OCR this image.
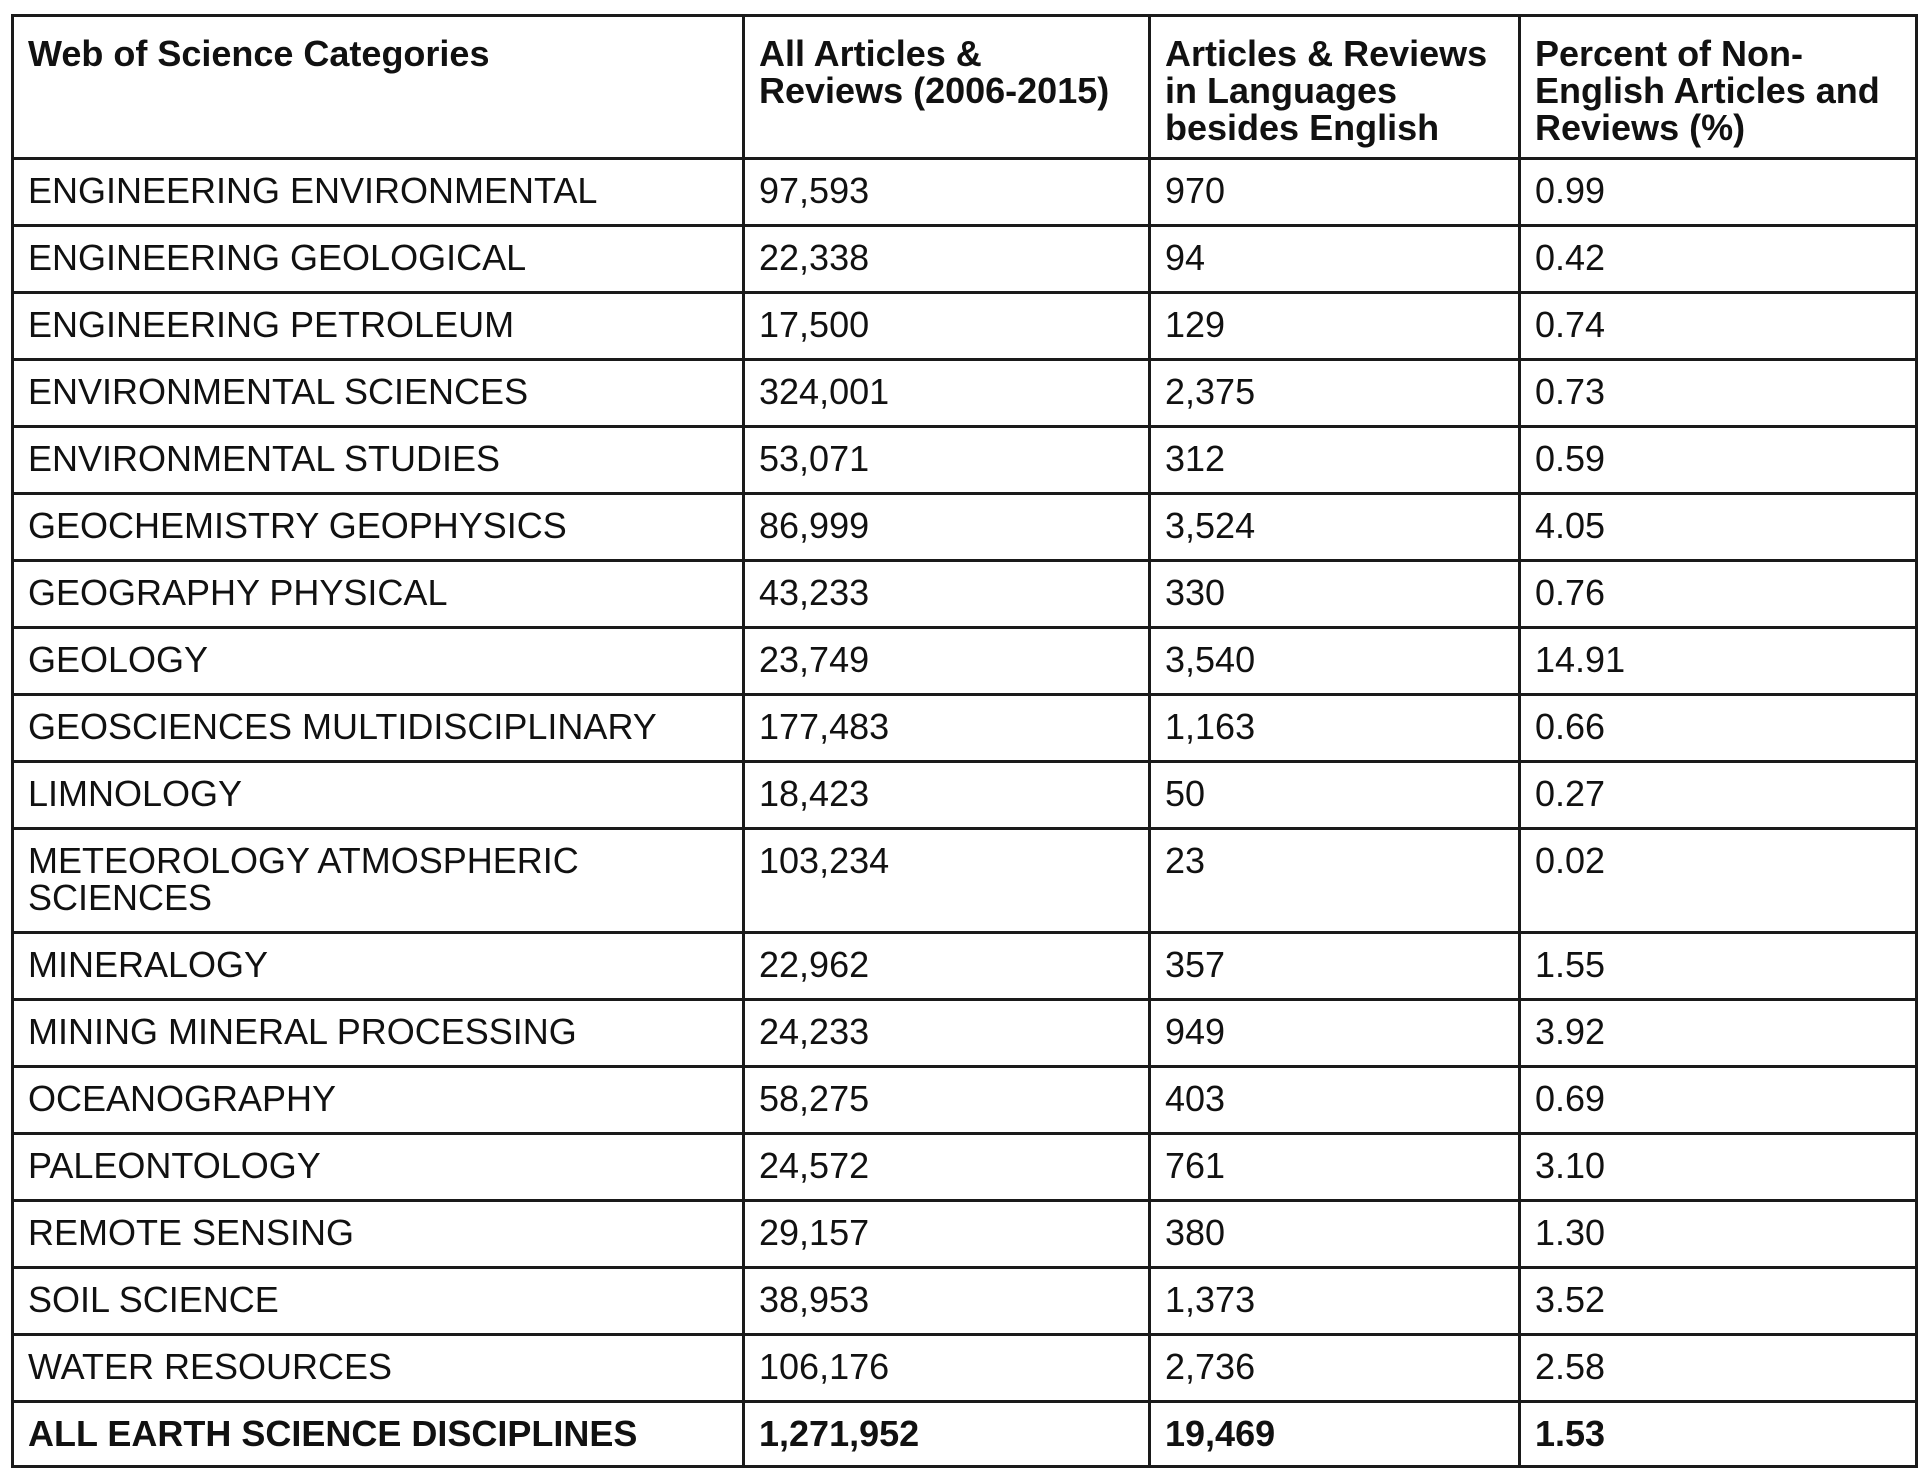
Web of Science Categories	All Articles & Reviews (2006-2015)	Articles & Reviews in Languages besides English	Percent of Non-English Articles and Reviews (%)
ENGINEERING ENVIRONMENTAL	97,593	970	0.99
ENGINEERING GEOLOGICAL	22,338	94	0.42
ENGINEERING PETROLEUM	17,500	129	0.74
ENVIRONMENTAL SCIENCES	324,001	2,375	0.73
ENVIRONMENTAL STUDIES	53,071	312	0.59
GEOCHEMISTRY GEOPHYSICS	86,999	3,524	4.05
GEOGRAPHY PHYSICAL	43,233	330	0.76
GEOLOGY	23,749	3,540	14.91
GEOSCIENCES MULTIDISCIPLINARY	177,483	1,163	0.66
LIMNOLOGY	18,423	50	0.27
METEOROLOGY ATMOSPHERIC SCIENCES	103,234	23	0.02
MINERALOGY	22,962	357	1.55
MINING MINERAL PROCESSING	24,233	949	3.92
OCEANOGRAPHY	58,275	403	0.69
PALEONTOLOGY	24,572	761	3.10
REMOTE SENSING	29,157	380	1.30
SOIL SCIENCE	38,953	1,373	3.52
WATER RESOURCES	106,176	2,736	2.58
ALL EARTH SCIENCE DISCIPLINES	1,271,952	19,469	1.53
